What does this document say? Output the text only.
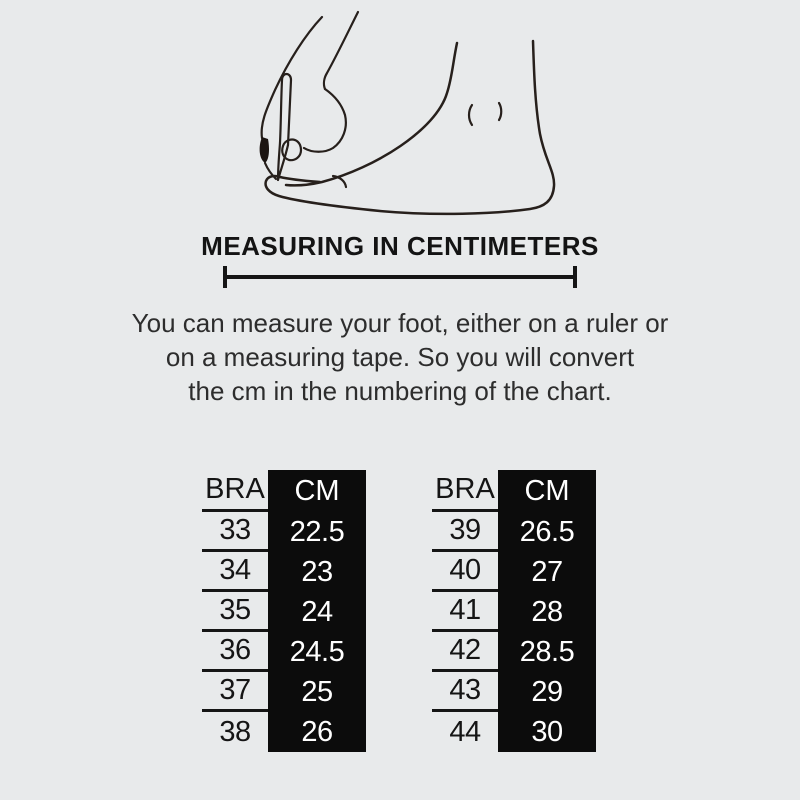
MEASURING IN CENTIMETERS
You can measure your foot, either on a ruler or
on a measuring tape. So you will convert
the cm in the numbering of the chart.
BRA
33
34
35
36
37
38
CM
22.5
23
24
24.5
25
26
BRA
39
40
41
42
43
44
CM
26.5
27
28
28.5
29
30
